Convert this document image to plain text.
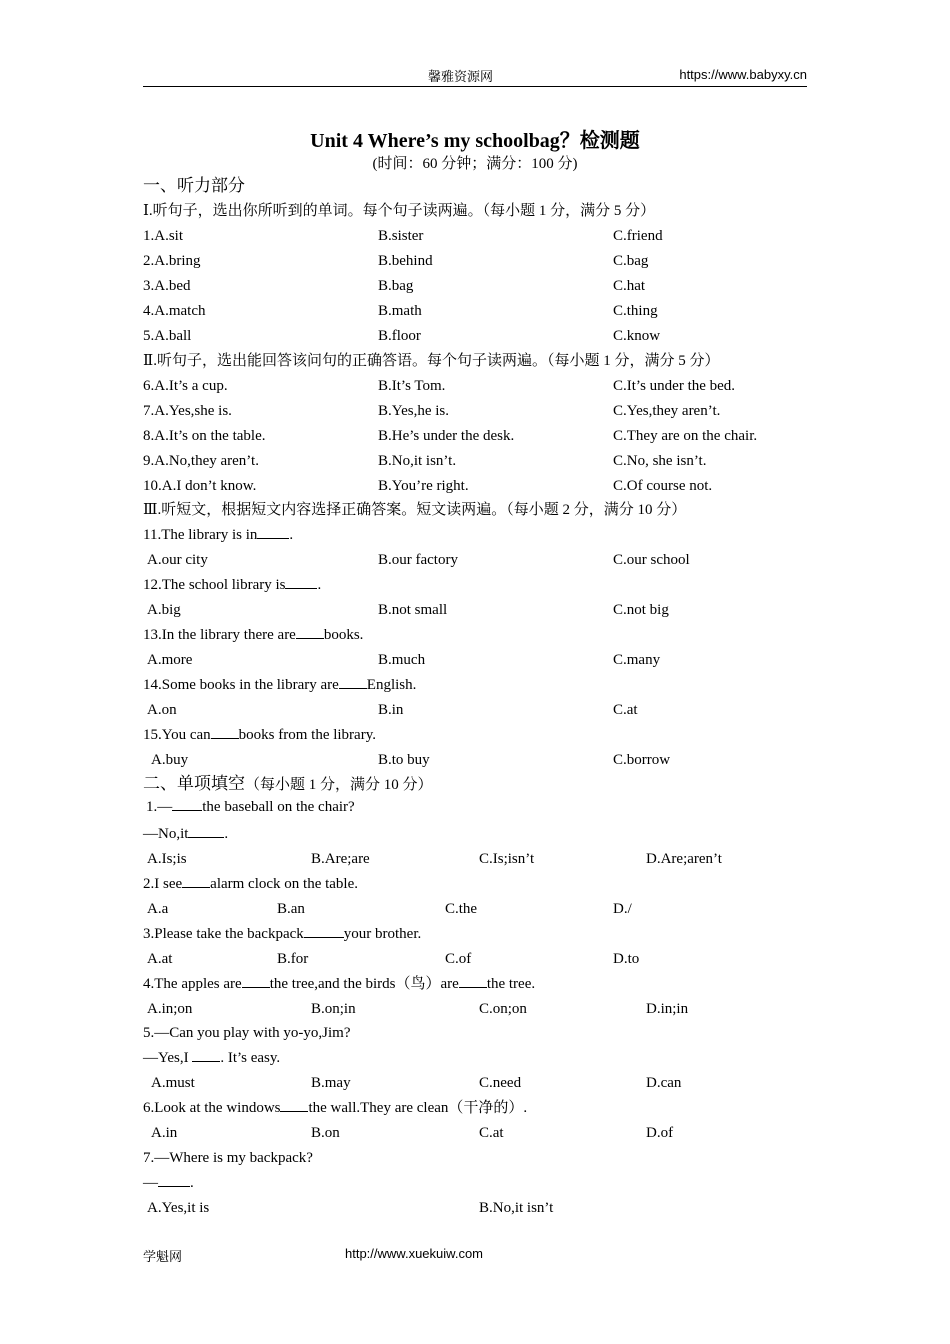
馨雅资源网	https://www.babyxy.cn
Unit 4 Where’s my schoolbag？检测题
(时间：60 分钟；满分：100 分)
一、听力部分
Ⅰ.听句子，选出你所听到的单词。每个句子读两遍。（每小题 1 分，满分 5 分）
1.A.sit	B.sister	C.friend
2.A.bring	B.behind	C.bag
3.A.bed	B.bag	C.hat
4.A.match	B.math	C.thing
5.A.ball	B.floor	C.know
Ⅱ.听句子，选出能回答该问句的正确答语。每个句子读两遍。（每小题 1 分，满分 5 分）
6.A.It’s a cup.	B.It’s Tom.	C.It’s under the bed.
7.A.Yes,she is.	B.Yes,he is.	C.Yes,they aren’t.
8.A.It’s on the table.	B.He’s under the desk.	C.They are on the chair.
9.A.No,they aren’t.	B.No,it isn’t.	C.No, she isn’t.
10.A.I don’t know.	B.You’re right.	C.Of course not.
Ⅲ.听短文，根据短文内容选择正确答案。短文读两遍。（每小题 2 分，满分 10 分）
11.The library is in .
A.our city	B.our factory	C.our school
12.The school library is .
A.big	B.not small	C.not big
13.In the library there are books.
A.more	B.much	C.many
14.Some books in the library are English.
A.on	B.in	C.at
15.You can books from the library.
A.buy	B.to buy	C.borrow
二、单项填空（每小题 1 分，满分 10 分）
1.— the baseball on the chair?
—No,it .
A.Is;is	B.Are;are	C.Is;isn’t	D.Are;aren’t
2.I see alarm clock on the table.
A.a	B.an	C.the	D./
3.Please take the backpack	your brother.
A.at	B.for	C.of	D.to
4.The apples are the tree,and the birds（鸟）are the tree.
A.in;on	B.on;in	C.on;on	D.in;in
5.—Can you play with yo-yo,Jim?
—Yes,I . It’s easy.
A.must	B.may	C.need	D.can
6.Look at the windows the wall.They are clean（干净的）.
A.in	B.on	C.at	D.of
7.—Where is my backpack?
— .
A.Yes,it is	B.No,it isn’t
学魁网	http://www.xuekuiw.com
